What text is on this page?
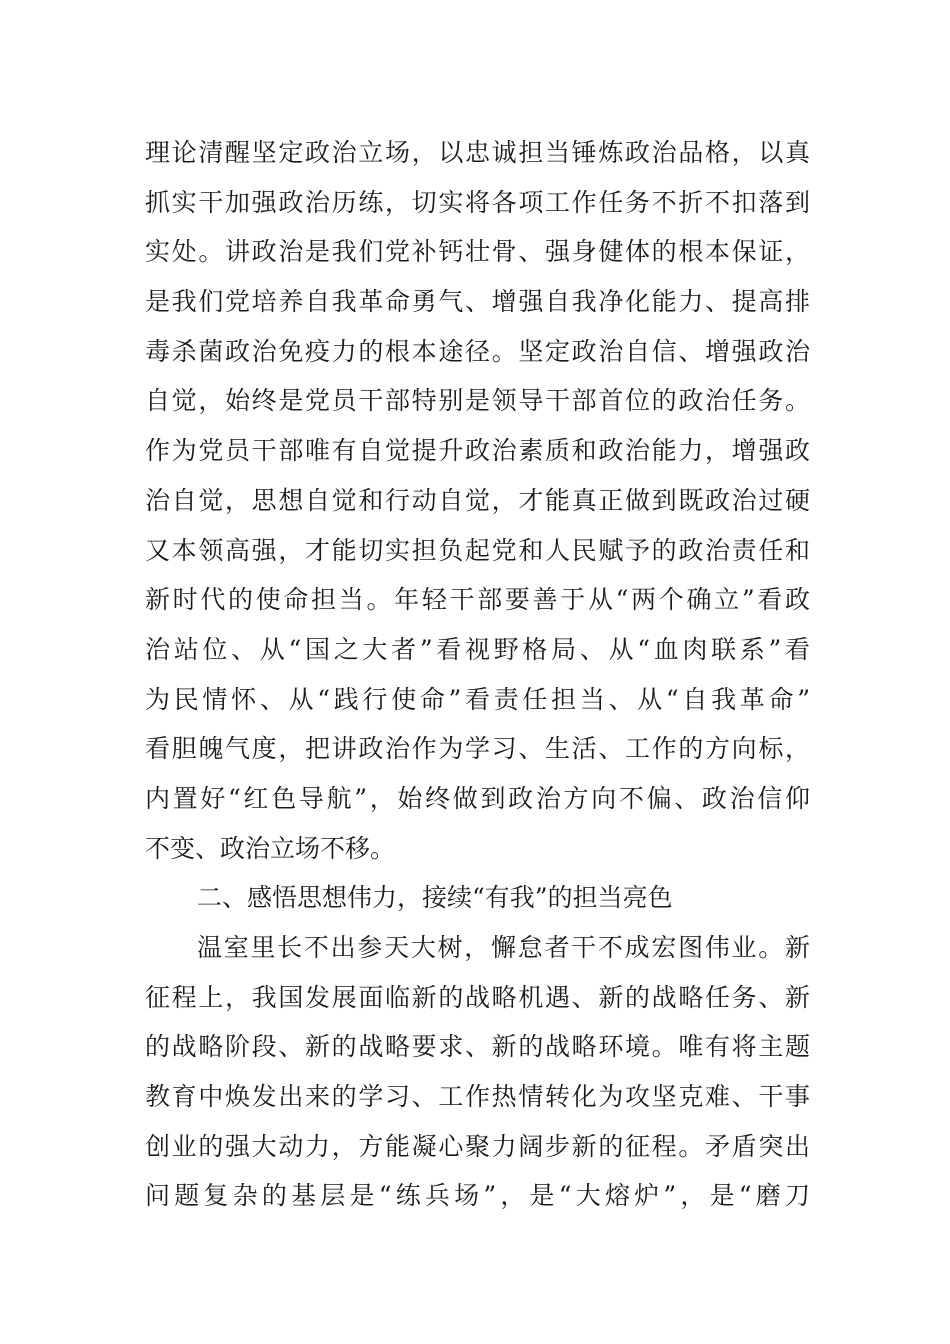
理论清醒坚定政治立场，以忠诚担当锤炼政治品格，以真
抓实干加强政治历练，切实将各项工作任务不折不扣落到
实处。讲政治是我们党补钙壮骨、强身健体的根本保证，
是我们党培养自我革命勇气、增强自我净化能力、提高排
毒杀菌政治免疫力的根本途径。坚定政治自信、增强政治
自觉，始终是党员干部特别是领导干部首位的政治任务。
作为党员干部唯有自觉提升政治素质和政治能力，增强政
治自觉，思想自觉和行动自觉，才能真正做到既政治过硬
又本领高强，才能切实担负起党和人民赋予的政治责任和
新时代的使命担当。年轻干部要善于从“两个确立”看政
治站位、从“国之大者”看视野格局、从“血肉联系”看
为民情怀、从“践行使命”看责任担当、从“自我革命”
看胆魄气度，把讲政治作为学习、生活、工作的方向标，
内置好“红色导航”，始终做到政治方向不偏、政治信仰
不变、政治立场不移。
二、感悟思想伟力，接续“有我”的担当亮色
温室里长不出参天大树，懈怠者干不成宏图伟业。新
征程上，我国发展面临新的战略机遇、新的战略任务、新
的战略阶段、新的战略要求、新的战略环境。唯有将主题
教育中焕发出来的学习、工作热情转化为攻坚克难、干事
创业的强大动力，方能凝心聚力阔步新的征程。矛盾突出
问题复杂的基层是“练兵场”，是“大熔炉”，是“磨刀
